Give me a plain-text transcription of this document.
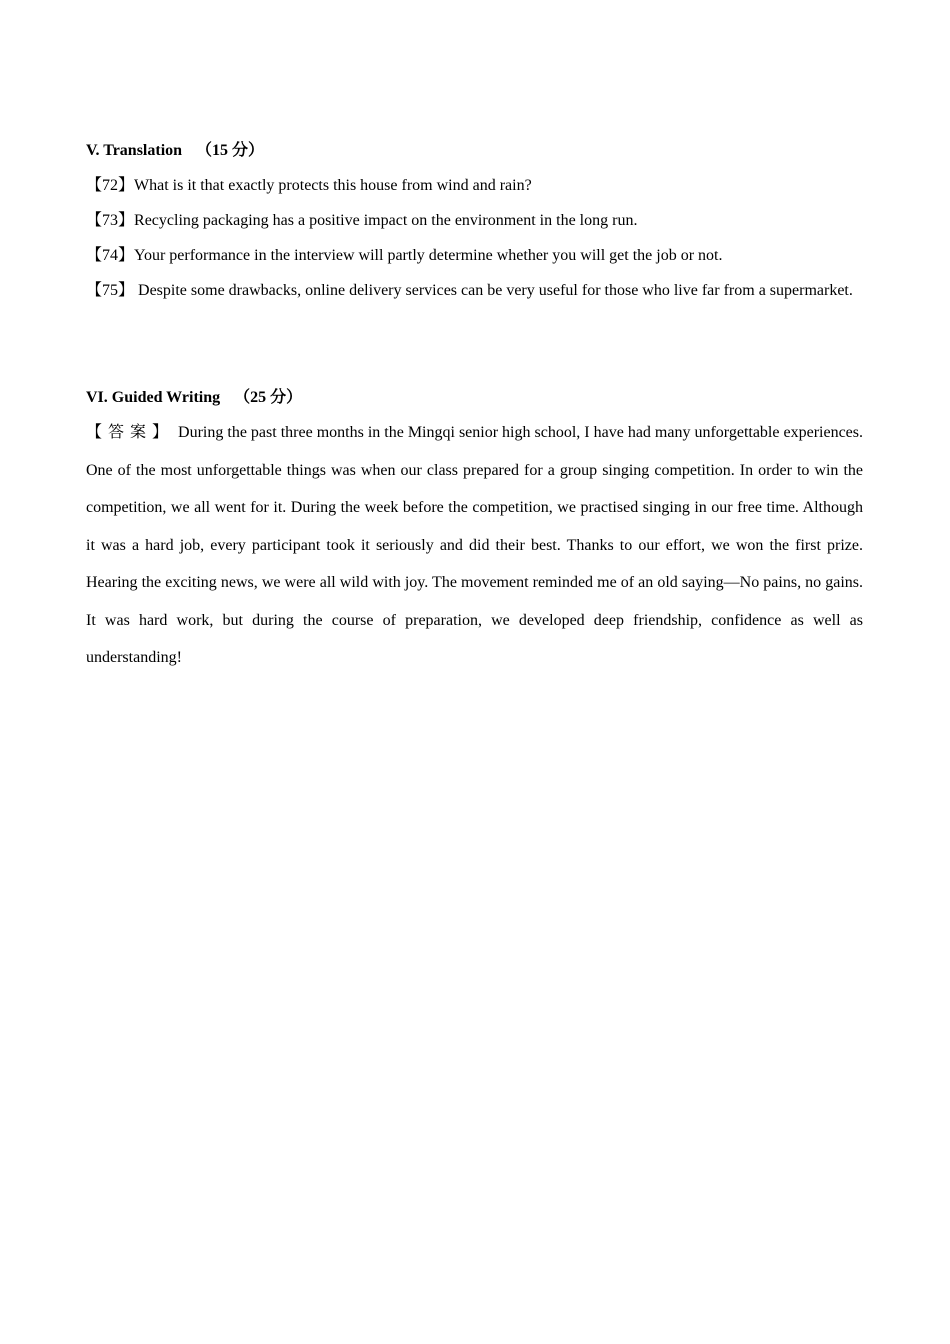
V. Translation （15 分）
【72】What is it that exactly protects this house from wind and rain?
【73】Recycling packaging has a positive impact on the environment in the long run.
【74】Your performance in the interview will partly determine whether you will get the job or not.
【75】 Despite some drawbacks, online delivery services can be very useful for those who live far from a supermarket.
VI. Guided Writing （25 分）
【答案】 During the past three months in the Mingqi senior high school, I have had many unforgettable experiences. One of the most unforgettable things was when our class prepared for a group singing competition. In order to win the competition, we all went for it. During the week before the competition, we practised singing in our free time. Although it was a hard job, every participant took it seriously and did their best. Thanks to our effort, we won the first prize. Hearing the exciting news, we were all wild with joy. The movement reminded me of an old saying—No pains, no gains. It was hard work, but during the course of preparation, we developed deep friendship, confidence as well as understanding!
